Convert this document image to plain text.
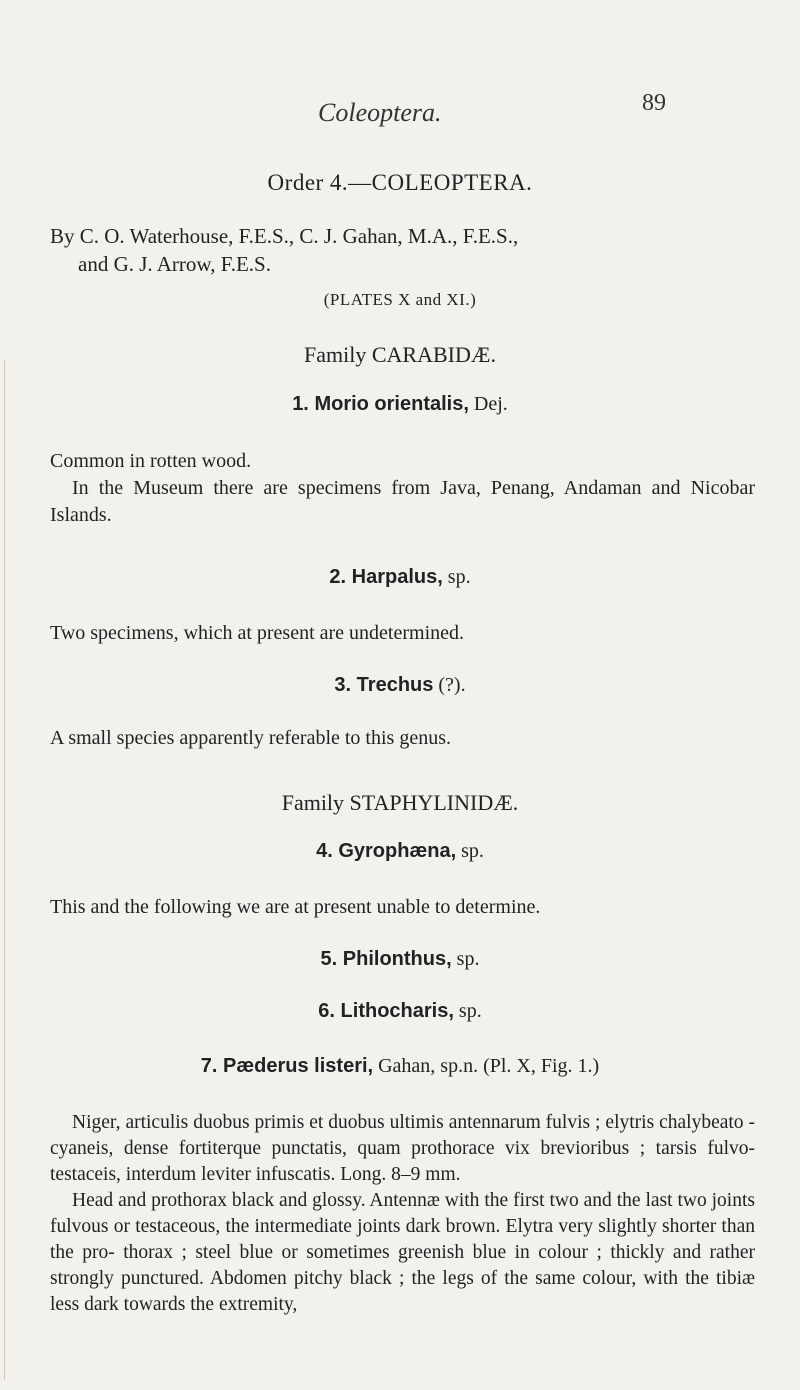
Coleoptera.	89
Order 4.—COLEOPTERA.
By C. O. Waterhouse, F.E.S., C. J. Gahan, M.A., F.E.S.,
and G. J. Arrow, F.E.S.
(PLATES X and XI.)
Family CARABIDÆ.
1. Morio orientalis, Dej.
Common in rotten wood.
In the Museum there are specimens from Java, Penang, Andaman and Nicobar Islands.
2. Harpalus, sp.
Two specimens, which at present are undetermined.
3. Trechus (?).
A small species apparently referable to this genus.
Family STAPHYLINIDÆ.
4. Gyrophæna, sp.
This and the following we are at present unable to determine.
5. Philonthus, sp.
6. Lithocharis, sp.
7. Pæderus listeri, Gahan, sp.n. (Pl. X, Fig. 1.)

Niger, articulis duobus primis et duobus ultimis antennarum fulvis ; elytris chalybeato - cyaneis, dense fortiterque punctatis, quam prothorace vix brevioribus ; tarsis fulvo-testaceis, interdum leviter infuscatis. Long. 8–9 mm.

Head and prothorax black and glossy. Antennæ with the first two and the last two joints fulvous or testaceous, the intermediate joints dark brown. Elytra very slightly shorter than the pro- thorax ; steel blue or sometimes greenish blue in colour ; thickly and rather strongly punctured. Abdomen pitchy black ; the legs of the same colour, with the tibiæ less dark towards the extremity,
